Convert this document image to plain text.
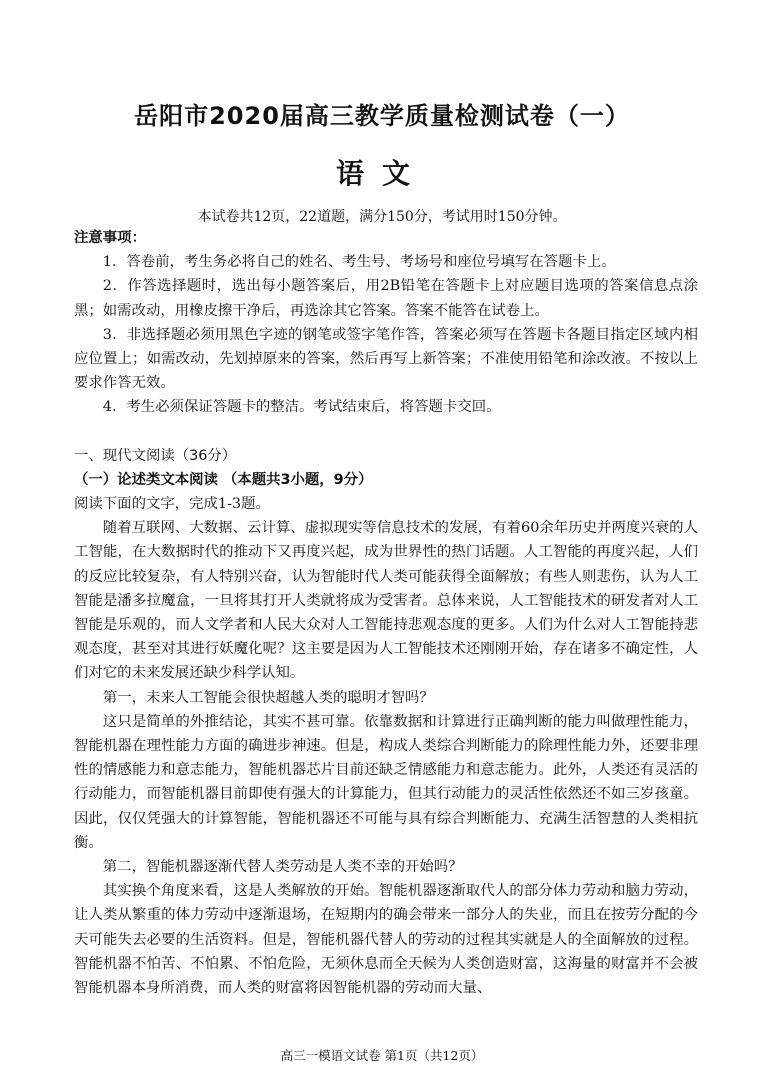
岳阳市2020届高三教学质量检测试卷（一）
语文
本试卷共12页，22道题，满分150分，考试用时150分钟。

注意事项：

1．答卷前，考生务必将自己的姓名、考生号、考场号和座位号填写在答题卡上。

2．作答选择题时，选出每小题答案后，用2B铅笔在答题卡上对应题目选项的答案信息点涂黑；如需改动，用橡皮擦干净后，再选涂其它答案。答案不能答在试卷上。

3．非选择题必须用黑色字迹的钢笔或签字笔作答，答案必须写在答题卡各题目指定区域内相应位置上；如需改动，先划掉原来的答案，然后再写上新答案；不准使用铅笔和涂改液。不按以上要求作答无效。

4．考生必须保证答题卡的整洁。考试结束后，将答题卡交回。

一、现代文阅读（36分）

（一）论述类文本阅读 （本题共3小题，9分）

阅读下面的文字，完成1-3题。

随着互联网、大数据、云计算、虚拟现实等信息技术的发展，有着60余年历史并两度兴衰的人工智能，在大数据时代的推动下又再度兴起，成为世界性的热门话题。人工智能的再度兴起，人们的反应比较复杂，有人特别兴奋，认为智能时代人类可能获得全面解放；有些人则悲伤，认为人工智能是潘多拉魔盒，一旦将其打开人类就将成为受害者。总体来说，人工智能技术的研发者对人工智能是乐观的，而人文学者和人民大众对人工智能持悲观态度的更多。人们为什么对人工智能持悲观态度，甚至对其进行妖魔化呢？这主要是因为人工智能技术还刚刚开始，存在诸多不确定性，人们对它的未来发展还缺少科学认知。

第一，未来人工智能会很快超越人类的聪明才智吗？

这只是简单的外推结论，其实不甚可靠。依靠数据和计算进行正确判断的能力叫做理性能力，智能机器在理性能力方面的确进步神速。但是，构成人类综合判断能力的除理性能力外，还要非理性的情感能力和意志能力，智能机器芯片目前还缺乏情感能力和意志能力。此外，人类还有灵活的行动能力，而智能机器目前即使有强大的计算能力，但其行动能力的灵活性依然还不如三岁孩童。因此，仅仅凭强大的计算智能，智能机器还不可能与具有综合判断能力、充满生活智慧的人类相抗衡。

第二，智能机器逐渐代替人类劳动是人类不幸的开始吗？

其实换个角度来看，这是人类解放的开始。智能机器逐渐取代人的部分体力劳动和脑力劳动，让人类从繁重的体力劳动中逐渐退场，在短期内的确会带来一部分人的失业，而且在按劳分配的今天可能失去必要的生活资料。但是，智能机器代替人的劳动的过程其实就是人的全面解放的过程。智能机器不怕苦、不怕累、不怕危险，无须休息而全天候为人类创造财富，这海量的财富并不会被智能机器本身所消费，而人类的财富将因智能机器的劳动而大量、

高三一模语文试卷 第1页（共12页）
